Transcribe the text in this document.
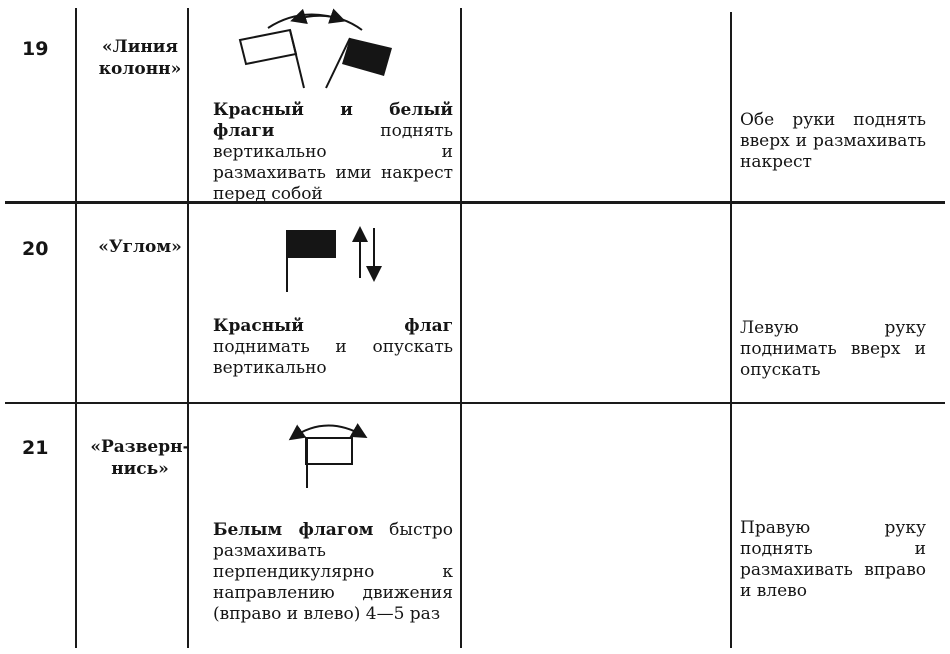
19	«Линия колонн»
Красный и белый флаги поднять вертикально и размахивать ими накрест перед собой
Обе руки поднять вверх и размахивать накрест
20	«Углом»
Красный флаг поднимать и опускать вертикально
Левую руку поднимать вверх и опускать
21 «Разверн-нись»
Белым флагом быстро размахивать перпендикулярно к направлению движения (вправо и влево) 4—5 раз
Правую руку поднять и размахивать вправо и влево
